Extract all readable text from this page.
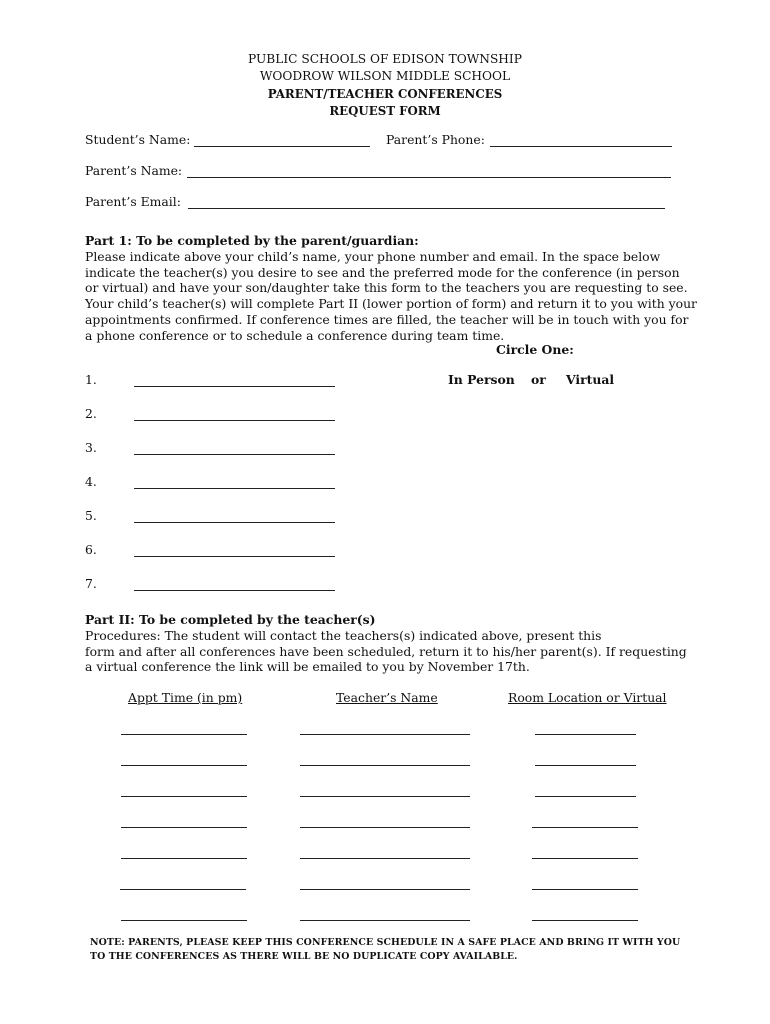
PUBLIC SCHOOLS OF EDISON TOWNSHIP
WOODROW WILSON MIDDLE SCHOOL
PARENT/TEACHER CONFERENCES
REQUEST FORM
Student’s Name:	Parent’s Phone:
Parent’s Name:
Parent’s Email:
Part 1: To be completed by the parent/guardian:
Please indicate above your child’s name, your phone number and email. In the space below
indicate the teacher(s) you desire to see and the preferred mode for the conference (in person
or virtual) and have your son/daughter take this form to the teachers you are requesting to see.
Your child’s teacher(s) will complete Part II (lower portion of form) and return it to you with your
appointments confirmed. If conference times are filled, the teacher will be in touch with you for
a phone conference or to schedule a conference during team time.
Circle One:
1.	In Person or Virtual
2.
3.
4.
5.
6.
7.
Part II: To be completed by the teacher(s)
Procedures: The student will contact the teachers(s) indicated above, present this
form and after all conferences have been scheduled, return it to his/her parent(s). If requesting
a virtual conference the link will be emailed to you by November 17th.
Appt Time (in pm)	Teacher’s Name	Room Location or Virtual
NOTE: PARENTS, PLEASE KEEP THIS CONFERENCE SCHEDULE IN A SAFE PLACE AND BRING IT WITH YOU
TO THE CONFERENCES AS THERE WILL BE NO DUPLICATE COPY AVAILABLE.
